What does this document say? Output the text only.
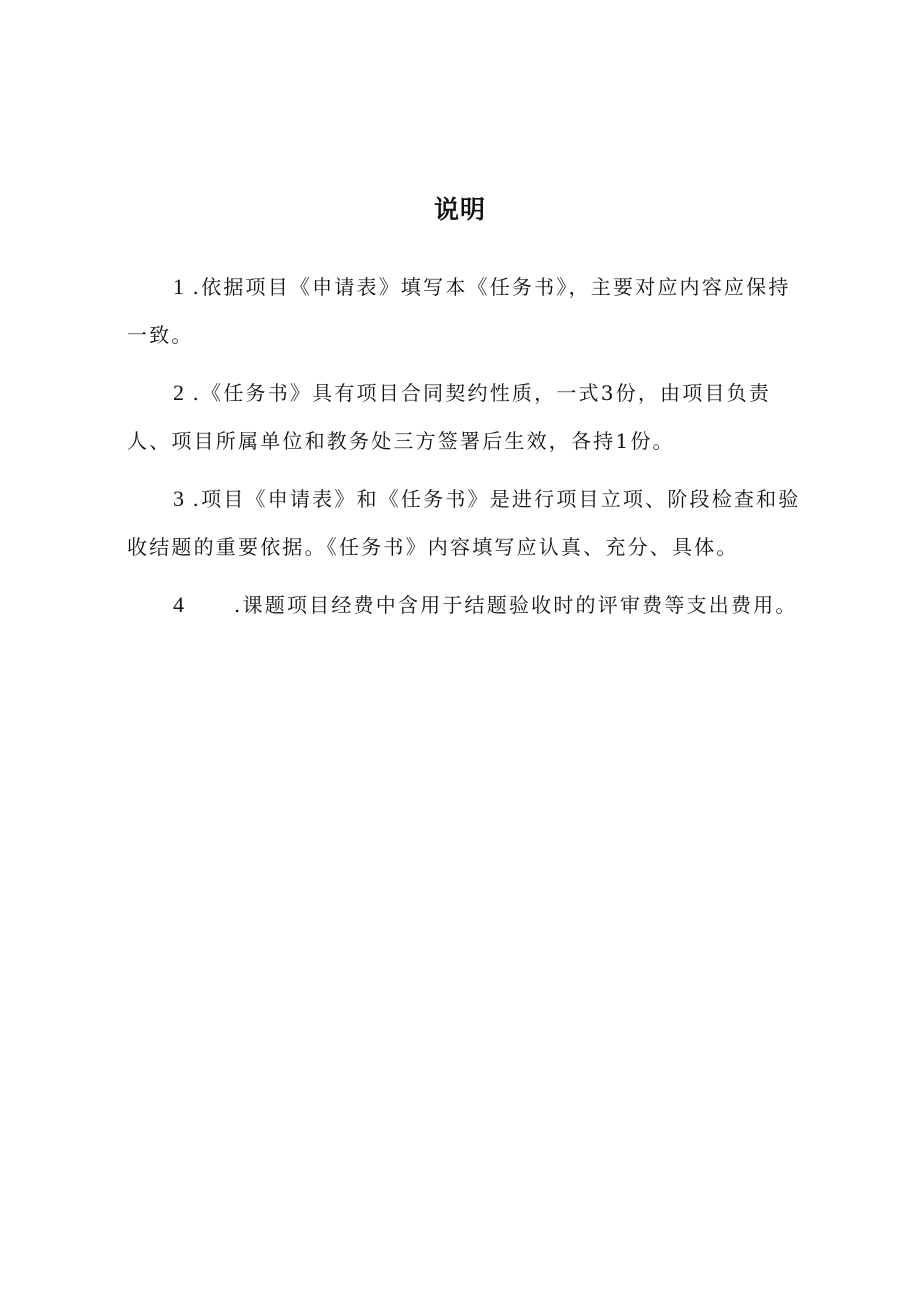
说明

1 .依据项目《申请表》填写本《任务书》，主要对应内容应保持一致。

2 .《任务书》具有项目合同契约性质，一式3份，由项目负责人、项目所属单位和教务处三方签署后生效，各持1份。

3 .项目《申请表》和《任务书》是进行项目立项、阶段检查和验收结题的重要依据。《任务书》内容填写应认真、充分、具体。

4	.课题项目经费中含用于结题验收时的评审费等支出费用。
